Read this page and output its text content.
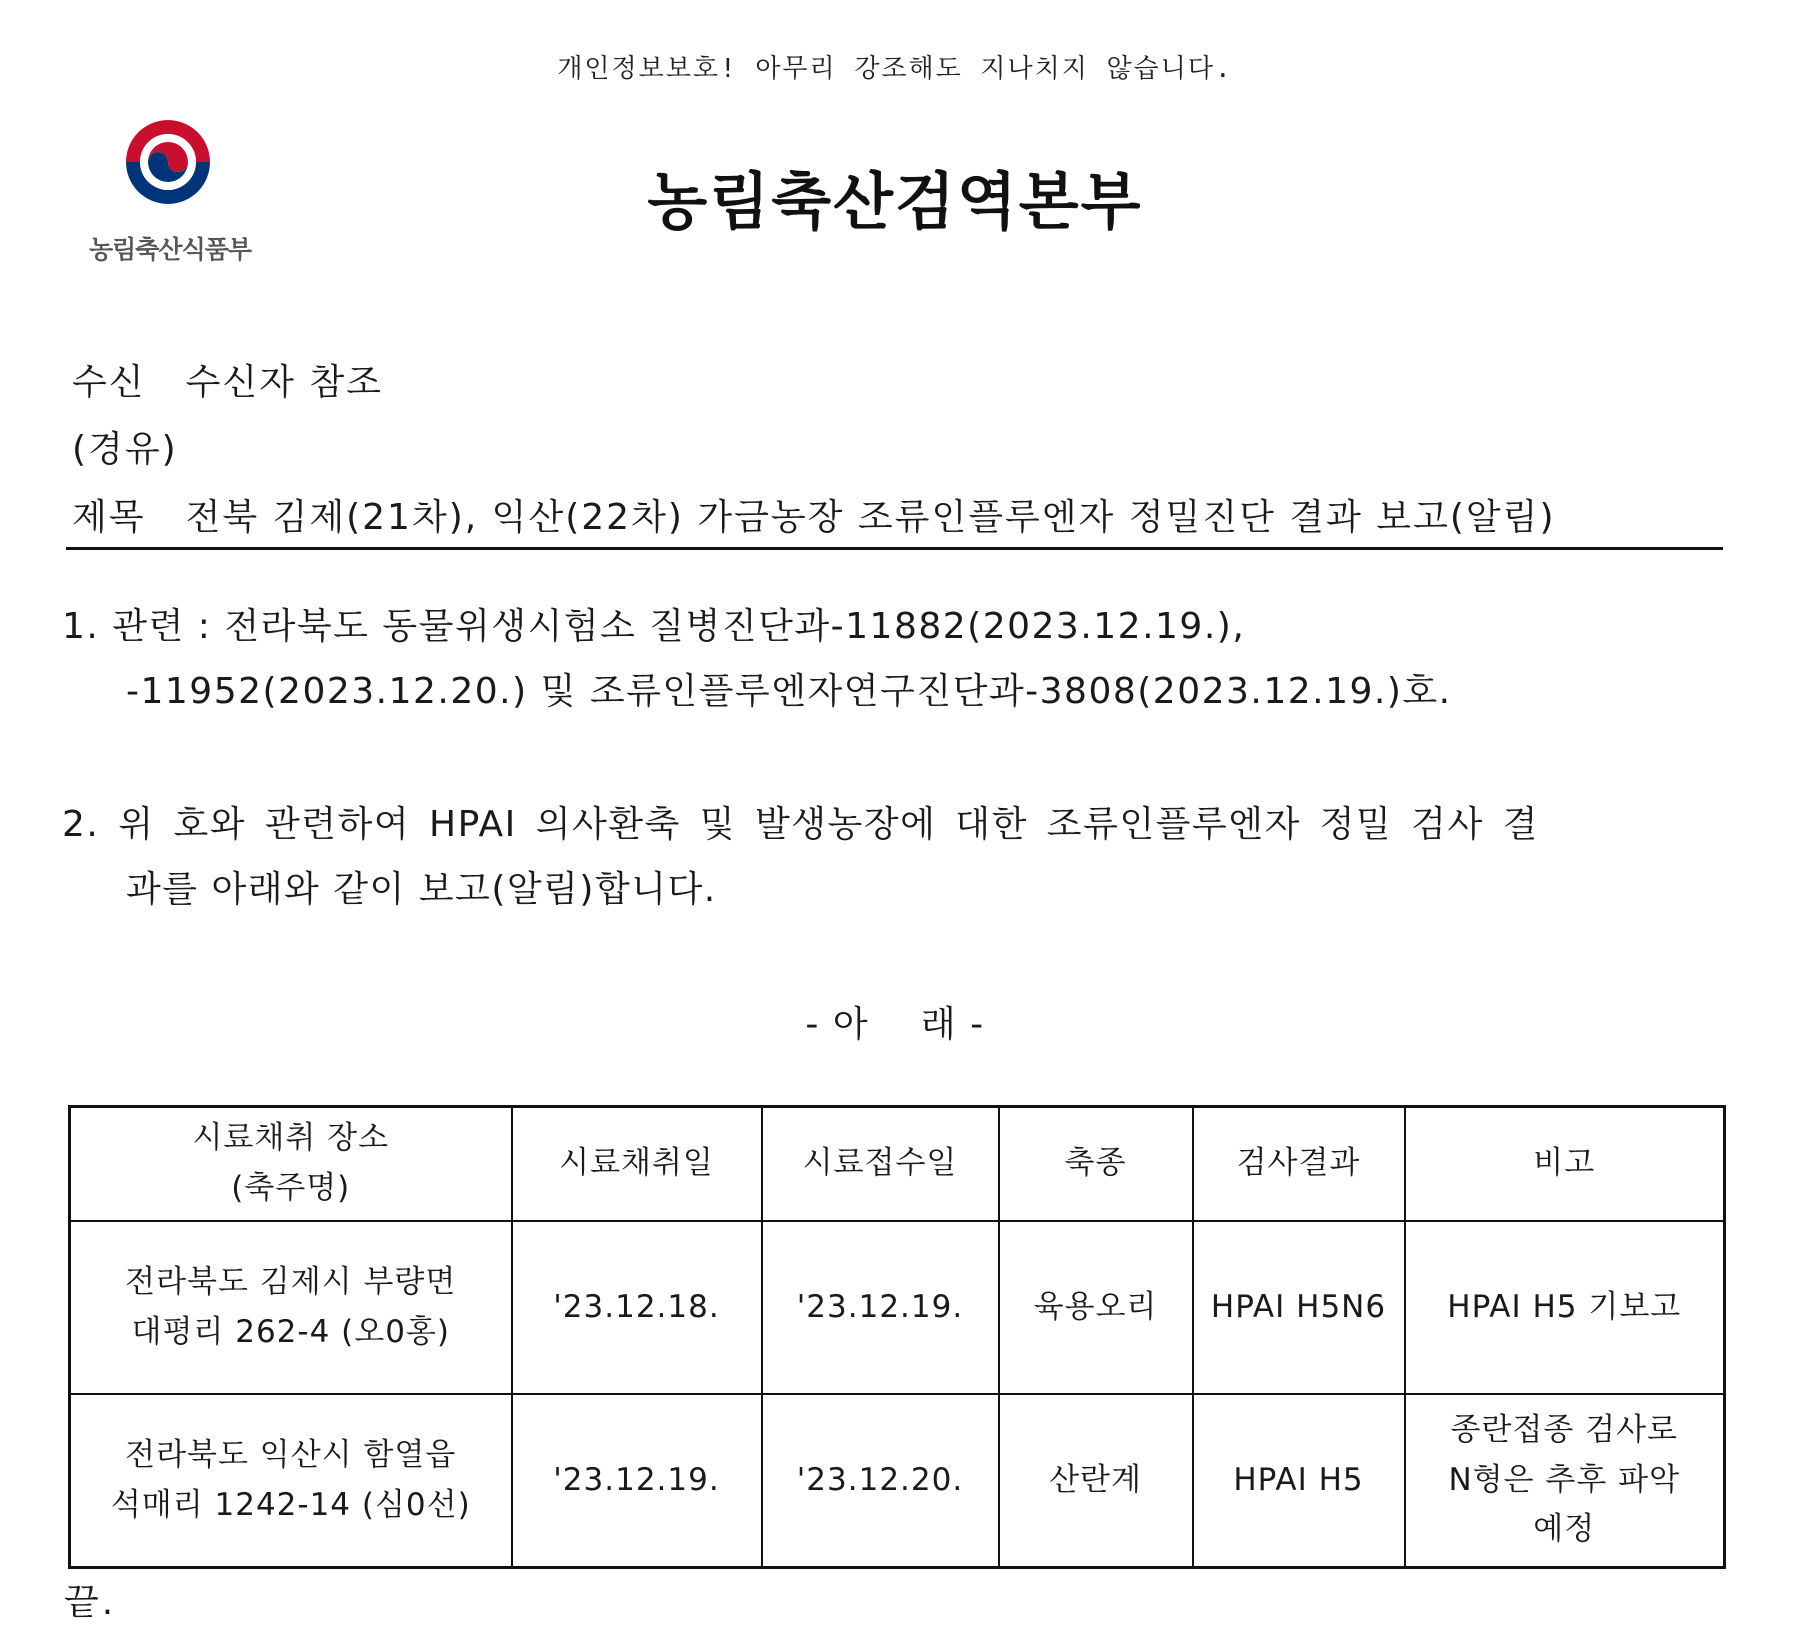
개인정보보호! 아무리 강조해도 지나치지 않습니다.
농림축산식품부
농림축산검역본부
수신 수신자 참조
(경유)
제목 전북 김제(21차), 익산(22차) 가금농장 조류인플루엔자 정밀진단 결과 보고(알림)
1. 관련 : 전라북도 동물위생시험소 질병진단과-11882(2023.12.19.),
-11952(2023.12.20.) 및 조류인플루엔자연구진단과-3808(2023.12.19.)호.
2. 위 호와 관련하여 HPAI 의사환축 및 발생농장에 대한 조류인플루엔자 정밀 검사 결
과를 아래와 같이 보고(알림)합니다.
- 아    래 -
시료채취 장소
(축주명)	시료채취일	시료접수일	축종	검사결과	비고

전라북도 김제시 부량면
대평리 262-4 (오0홍)	'23.12.18.	'23.12.19.	육용오리	HPAI H5N6	HPAI H5 기보고

전라북도 익산시 함열읍
석매리 1242-14 (심0선)	'23.12.19.	'23.12.20.	산란계	HPAI H5	종란접종 검사로
N형은 추후 파악
예정
끝.
